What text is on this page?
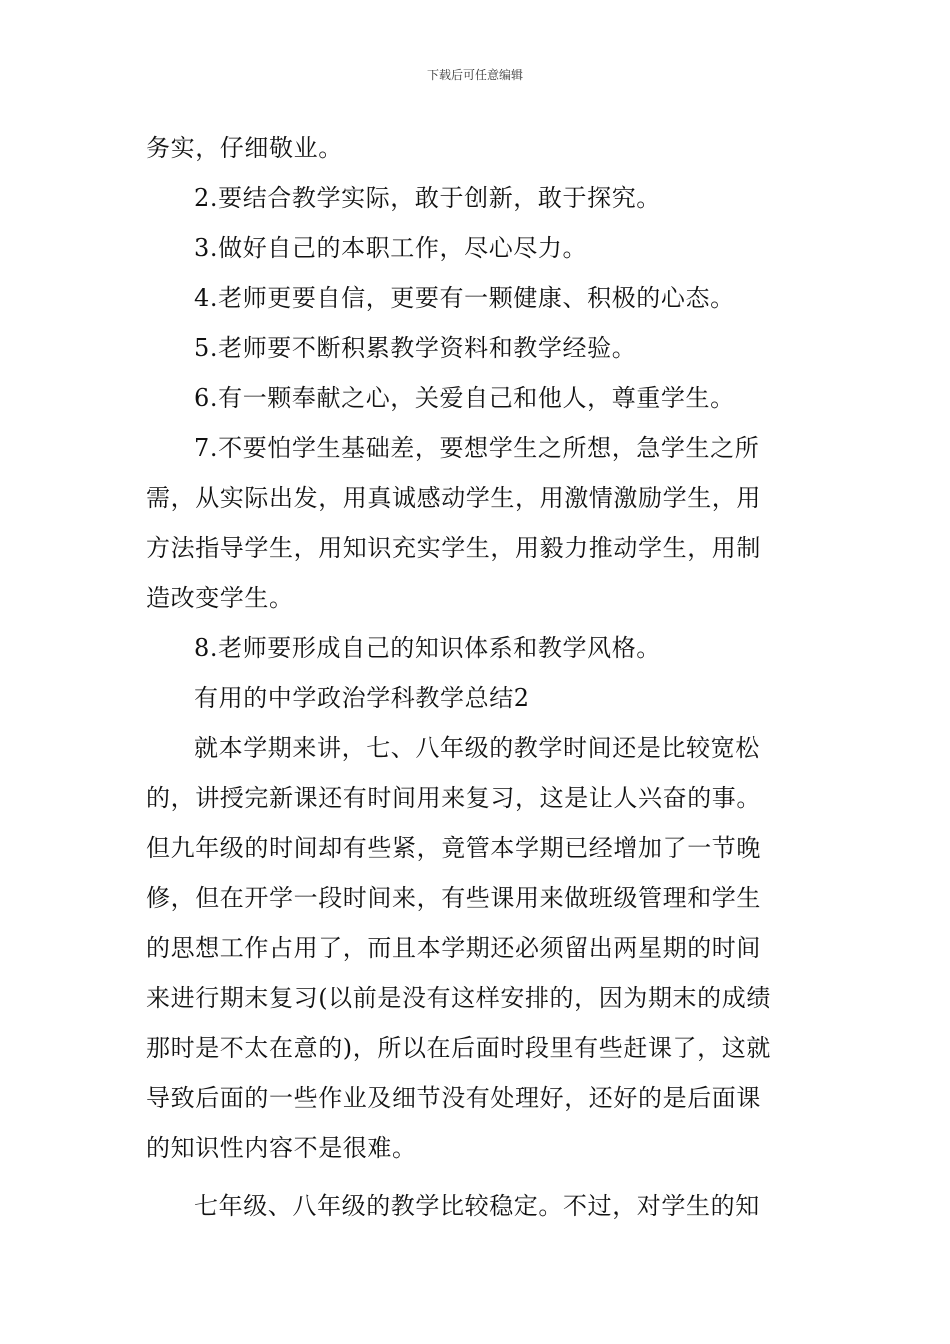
下载后可任意编辑
务实，仔细敬业。
2.要结合教学实际，敢于创新，敢于探究。
3.做好自己的本职工作，尽心尽力。
4.老师更要自信，更要有一颗健康、积极的心态。
5.老师要不断积累教学资料和教学经验。
6.有一颗奉献之心，关爱自己和他人，尊重学生。
7.不要怕学生基础差，要想学生之所想，急学生之所
需，从实际出发，用真诚感动学生，用激情激励学生，用
方法指导学生，用知识充实学生，用毅力推动学生，用制
造改变学生。
8.老师要形成自己的知识体系和教学风格。
有用的中学政治学科教学总结2
就本学期来讲，七、八年级的教学时间还是比较宽松
的，讲授完新课还有时间用来复习，这是让人兴奋的事。
但九年级的时间却有些紧，竟管本学期已经增加了一节晚
修，但在开学一段时间来，有些课用来做班级管理和学生
的思想工作占用了，而且本学期还必须留出两星期的时间
来进行期末复习(以前是没有这样安排的，因为期末的成绩
那时是不太在意的)，所以在后面时段里有些赶课了，这就
导致后面的一些作业及细节没有处理好，还好的是后面课
的知识性内容不是很难。
七年级、八年级的教学比较稳定。不过，对学生的知
